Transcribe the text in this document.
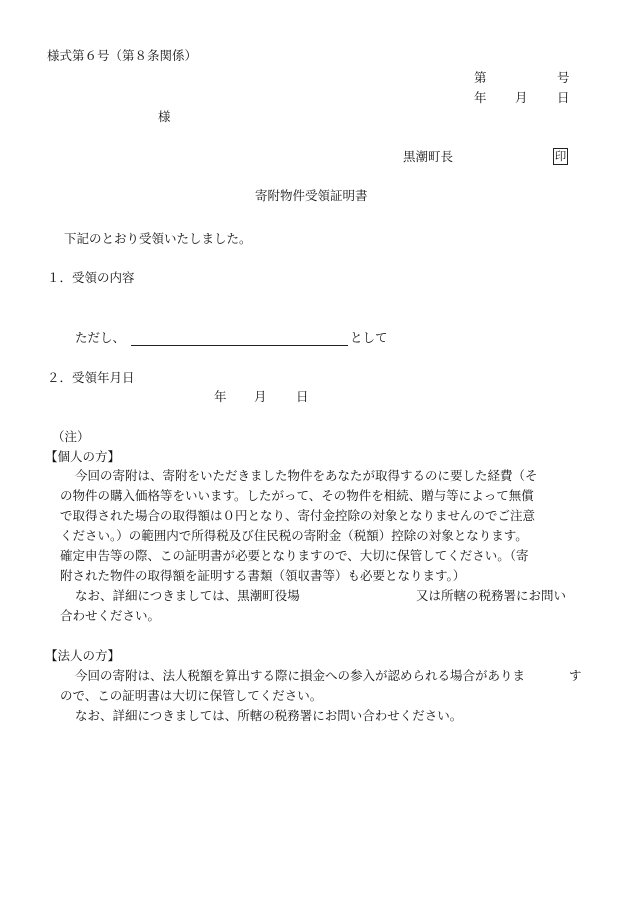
様式第６号（第８条関係）
第	号
年 月 日
様
黒潮町長	印
寄附物件受領証明書
下記のとおり受領いたしました。
１．受領の内容
ただし、	として
２．受領年月日
年 月 日
（注）
【個人の方】
今回の寄附は、寄附をいただきました物件をあなたが取得するのに要した経費（そ
の物件の購入価格等をいいます。したがって、その物件を相続、贈与等によって無償
で取得された場合の取得額は０円となり、寄付金控除の対象となりませんのでご注意
ください。）の範囲内で所得税及び住民税の寄附金（税額）控除の対象となります。
確定申告等の際、この証明書が必要となりますので、大切に保管してください。（寄
附された物件の取得額を証明する書類（領収書等）も必要となります。）
なお、詳細につきましては、黒潮町役場	又は所轄の税務署にお問い
合わせください。
【法人の方】
今回の寄附は、法人税額を算出する際に損金への参入が認められる場合がありま	す
ので、この証明書は大切に保管してください。
なお、詳細につきましては、所轄の税務署にお問い合わせください。
